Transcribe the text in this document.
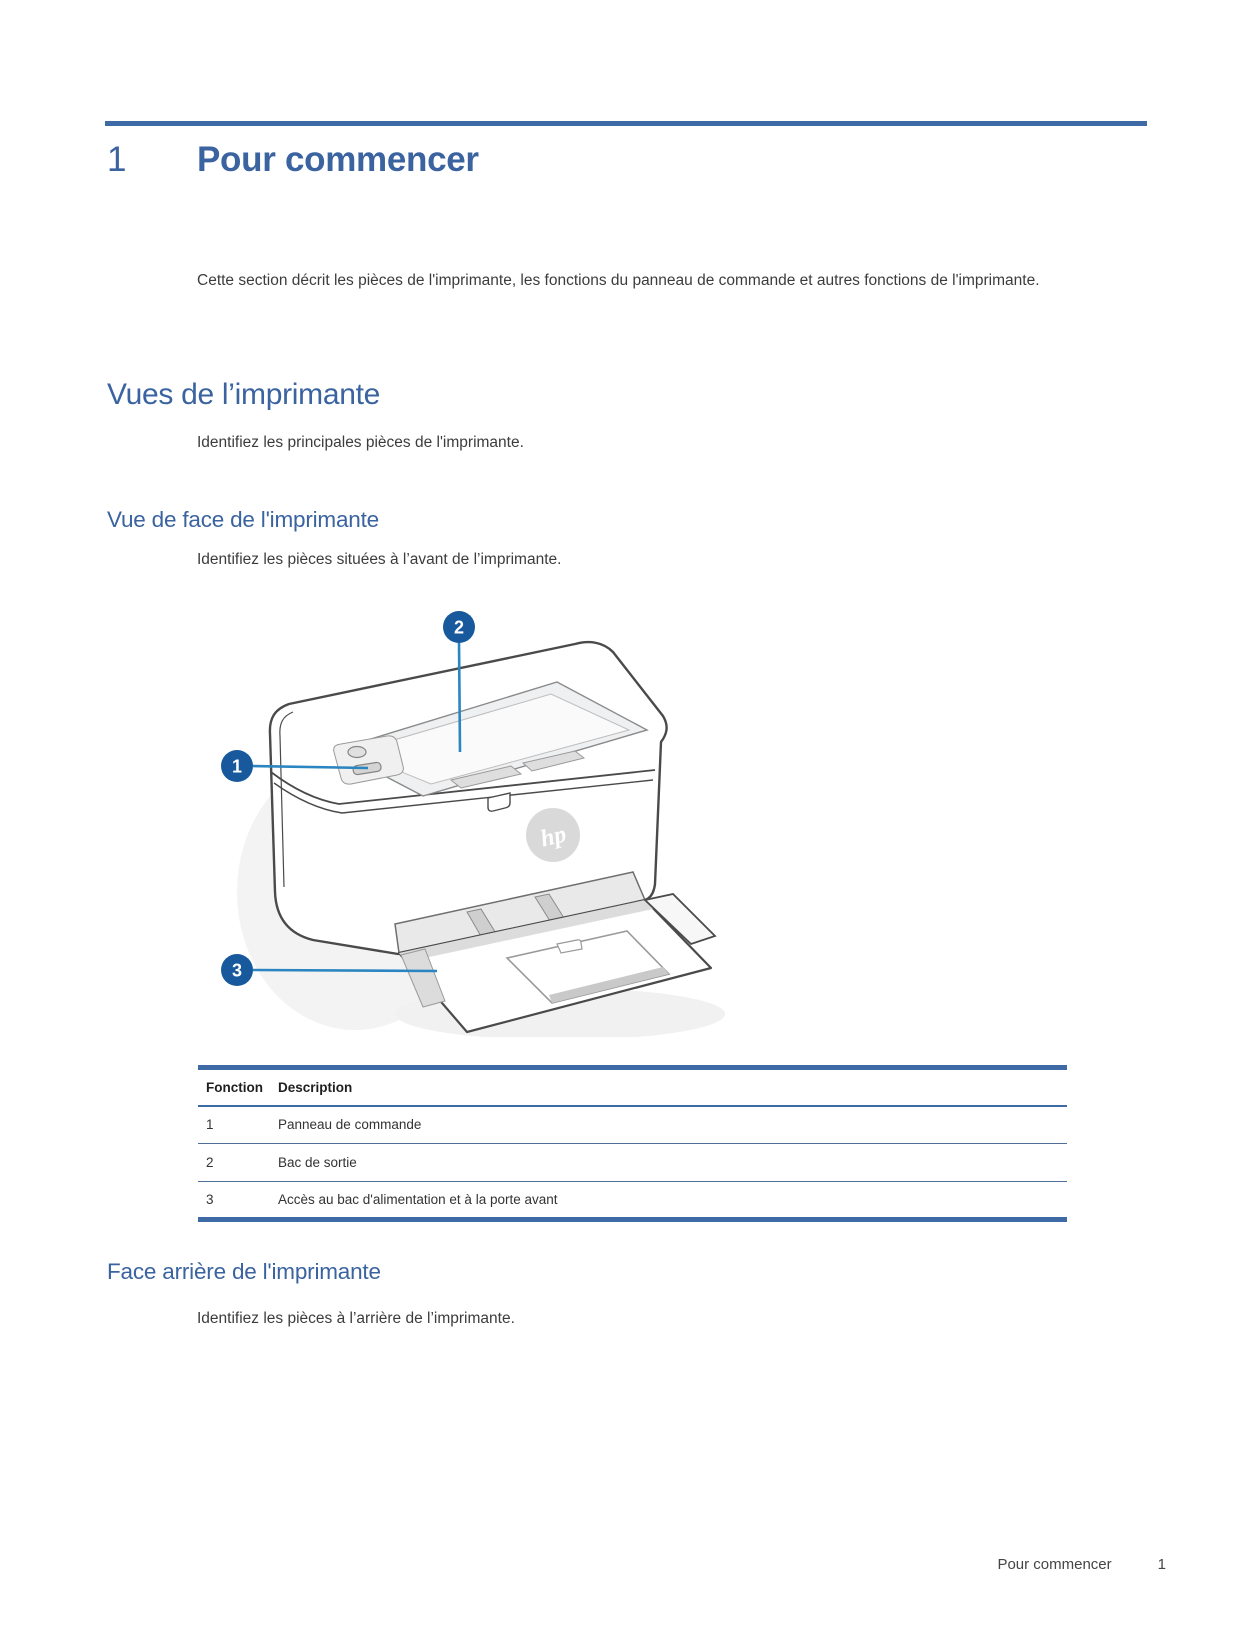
1 Pour commencer

Cette section décrit les pièces de l'imprimante, les fonctions du panneau de commande et autres fonctions de l'imprimante.

Vues de l’imprimante

Identifiez les principales pièces de l'imprimante.

Vue de face de l'imprimante

Identifiez les pièces situées à l’avant de l’imprimante.

hp
2
1
3
Fonction	Description
1	Panneau de commande
2	Bac de sortie
3	Accès au bac d'alimentation et à la porte avant
Face arrière de l'imprimante

Identifiez les pièces à l’arrière de l’imprimante.

Pour commencer	1
